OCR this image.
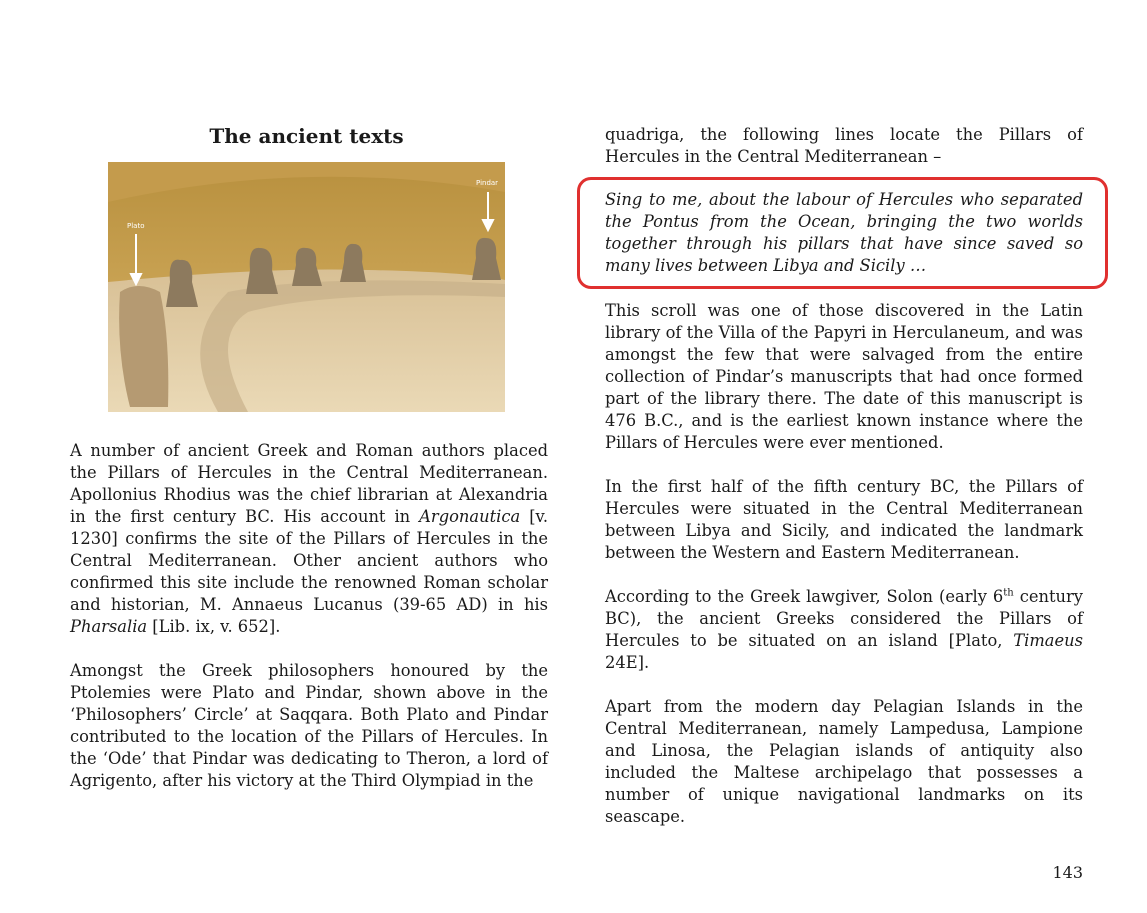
The ancient texts
Plato
Pindar

A number of ancient Greek and Roman authors placed the Pillars of Hercules in the Central Mediterranean. Apollonius Rhodius was the chief librarian at Alexandria in the first century BC. His account in Argonautica [v. 1230] confirms the site of the Pillars of Hercules in the Central Mediterranean. Other ancient authors who confirmed this site include the renowned Roman scholar and historian, M. Annaeus Lucanus (39-65 AD) in his Pharsalia [Lib. ix, v. 652].

Amongst the Greek philosophers honoured by the Ptolemies were Plato and Pindar, shown above in the ‘Philosophers’ Circle’ at Saqqara. Both Plato and Pindar contributed to the location of the Pillars of Hercules. In the ‘Ode’ that Pindar was dedicating to Theron, a lord of Agrigento, after his victory at the Third Olympiad in the

quadriga, the following lines locate the Pillars of Hercules in the Central Mediterranean –

Sing to me, about the labour of Hercules who separated the Pontus from the Ocean, bringing the two worlds together through his pillars that have since saved so many lives between Libya and Sicily …

This scroll was one of those discovered in the Latin library of the Villa of the Papyri in Herculaneum, and was amongst the few that were salvaged from the entire collection of Pindar’s manuscripts that had once formed part of the library there. The date of this manuscript is 476 B.C., and is the earliest known instance where the Pillars of Hercules were ever mentioned.

In the first half of the fifth century BC, the Pillars of Hercules were situated in the Central Mediterranean between Libya and Sicily, and indicated the landmark between the Western and Eastern Mediterranean.

According to the Greek lawgiver, Solon (early 6th century BC), the ancient Greeks considered the Pillars of Hercules to be situated on an island [Plato, Timaeus 24E].

Apart from the modern day Pelagian Islands in the Central Mediterranean, namely Lampedusa, Lampione and Linosa, the Pelagian islands of antiquity also included the Maltese archipelago that possesses a number of unique navigational landmarks on its seascape.

143
